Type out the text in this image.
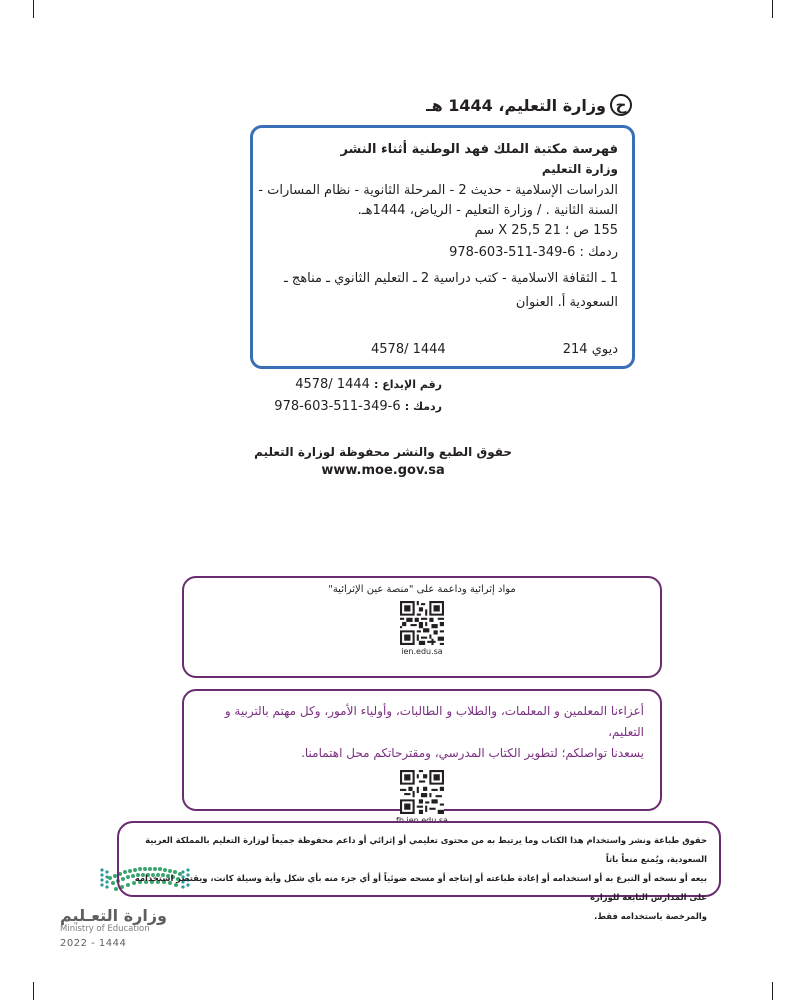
ح
وزارة التعليم، 1444 هـ
فهرسة مكتبة الملك فهد الوطنية أثناء النشر
وزارة التعليم
الدراسات الإسلامية - حديث 2 - المرحلة الثانوية - نظام المسارات -
السنة الثانية . / وزارة التعليم - الرياض، 1444هـ.
155 ص ؛ 21 X 25,5 سم
ردمك : 978-603-511-349-6
1 ـ الثقافة الاسلامية - كتب دراسية 2 ـ التعليم الثانوي ـ مناهج ـ
السعودية أ. العنوان
ديوي 214
1444 /4578
رقم الإيداع : 1444 /4578
ردمك : 978-603-511-349-6
حقوق الطبع والنشر محفوظة لوزارة التعليم
www.moe.gov.sa
مواد إثرائية وداعمة على "منصة عين الإثرائية"
ien.edu.sa
أعزاءنا المعلمين و المعلمات، والطلاب و الطالبات، وأولياء الأمور، وكل مهتم بالتربية و التعليم،
يسعدنا تواصلكم؛ لتطوير الكتاب المدرسي، ومقترحاتكم محل اهتمامنا.
fb.ien.edu.sa
وزارة التعـليم
Ministry of Education
2022 - 1444
حقوق طباعة ونشر واستخدام هذا الكتاب وما يرتبط به من محتوى تعليمي أو إثرائي أو داعم محفوظة جميعاً لوزارة التعليم بالمملكة العربية السعودية، ويُمنع منعاً باتاً
بيعه أو نسخه أو التبرع به أو استخدامه أو إعادة طباعته أو إنتاجه أو مسحه ضوئياً أو أي جزء منه بأي شكل وأية وسيلة كانت، ويقتصر استخدامه على المدارس التابعة للوزارة
والمرخصة باستخدامه فقط.
